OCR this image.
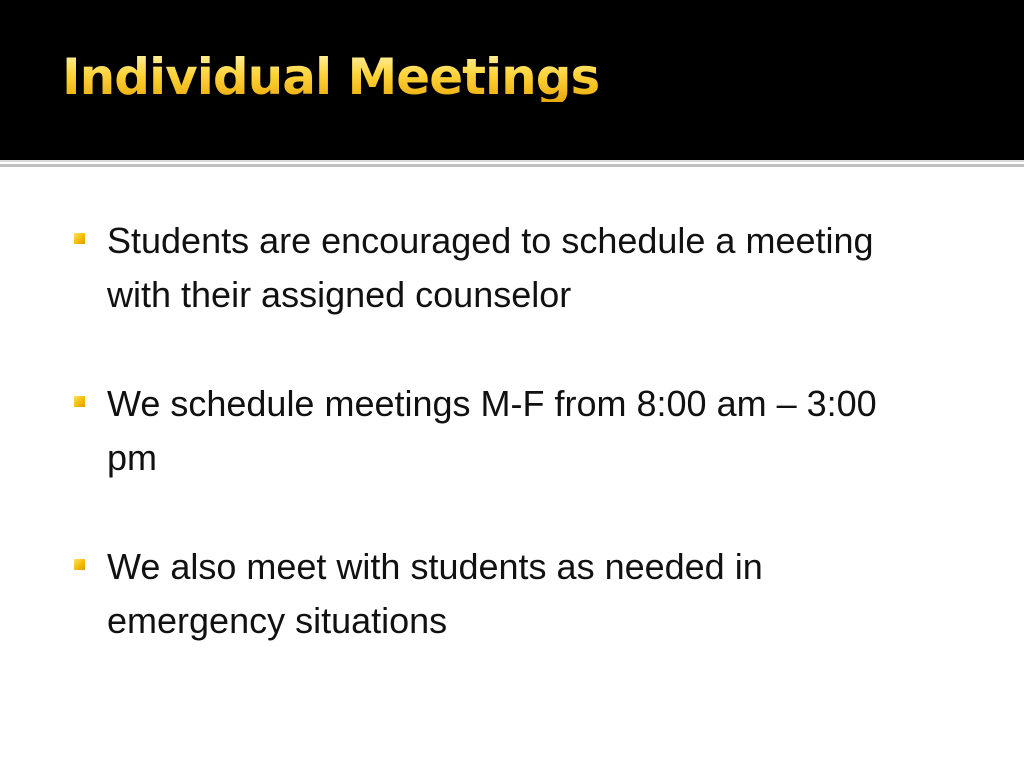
Individual Meetings
Students are encouraged to schedule a meeting with their assigned counselor
We schedule meetings M-F from 8:00 am – 3:00 pm
We also meet with students as needed in emergency situations
